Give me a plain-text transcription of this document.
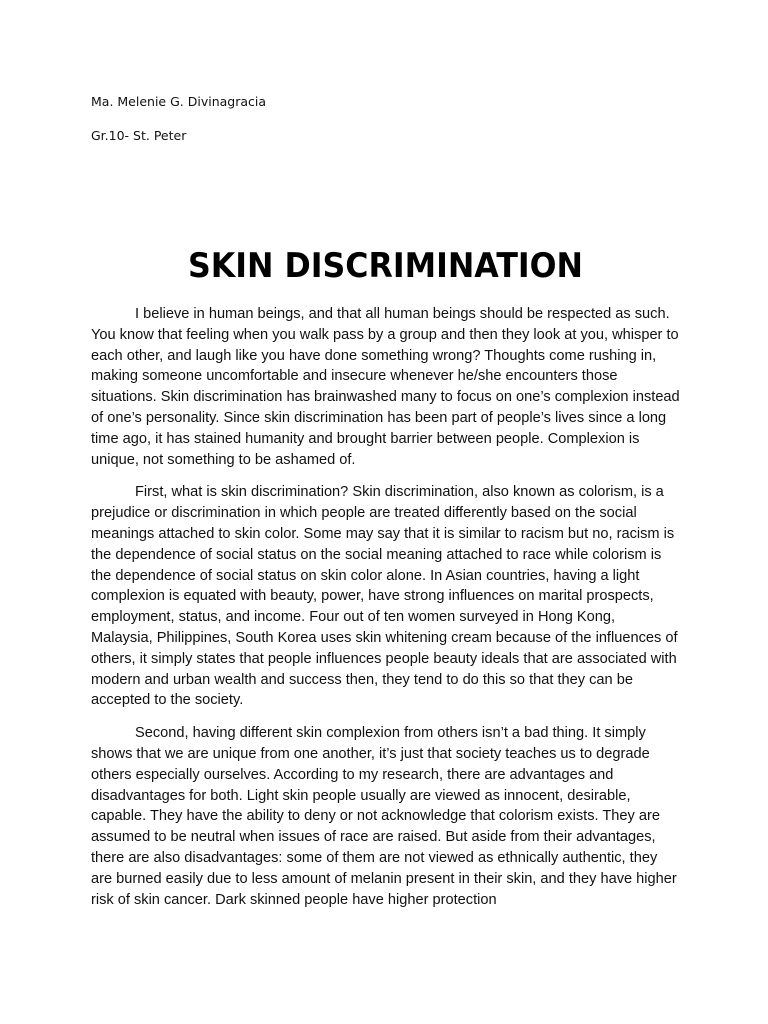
Ma. Melenie G. Divinagracia

Gr.10- St. Peter

SKIN DISCRIMINATION

I believe in human beings, and that all human beings should be respected as such. You know that feeling when you walk pass by a group and then they look at you, whisper to each other, and laugh like you have done something wrong? Thoughts come rushing in, making someone uncomfortable and insecure whenever he/she encounters those situations. Skin discrimination has brainwashed many to focus on one’s complexion instead of one’s personality. Since skin discrimination has been part of people’s lives since a long time ago, it has stained humanity and brought barrier between people. Complexion is unique, not something to be ashamed of.

First, what is skin discrimination? Skin discrimination, also known as colorism, is a prejudice or discrimination in which people are treated differently based on the social meanings attached to skin color. Some may say that it is similar to racism but no, racism is the dependence of social status on the social meaning attached to race while colorism is the dependence of social status on skin color alone. In Asian countries, having a light complexion is equated with beauty, power, have strong influences on marital prospects, employment, status, and income. Four out of ten women surveyed in Hong Kong, Malaysia, Philippines, South Korea uses skin whitening cream because of the influences of others, it simply states that people influences people beauty ideals that are associated with modern and urban wealth and success then, they tend to do this so that they can be accepted to the society.

Second, having different skin complexion from others isn’t a bad thing. It simply shows that we are unique from one another, it’s just that society teaches us to degrade others especially ourselves. According to my research, there are advantages and disadvantages for both. Light skin people usually are viewed as innocent, desirable, capable. They have the ability to deny or not acknowledge that colorism exists. They are assumed to be neutral when issues of race are raised. But aside from their advantages, there are also disadvantages: some of them are not viewed as ethnically authentic, they are burned easily due to less amount of melanin present in their skin, and they have higher risk of skin cancer. Dark skinned people have higher protection
